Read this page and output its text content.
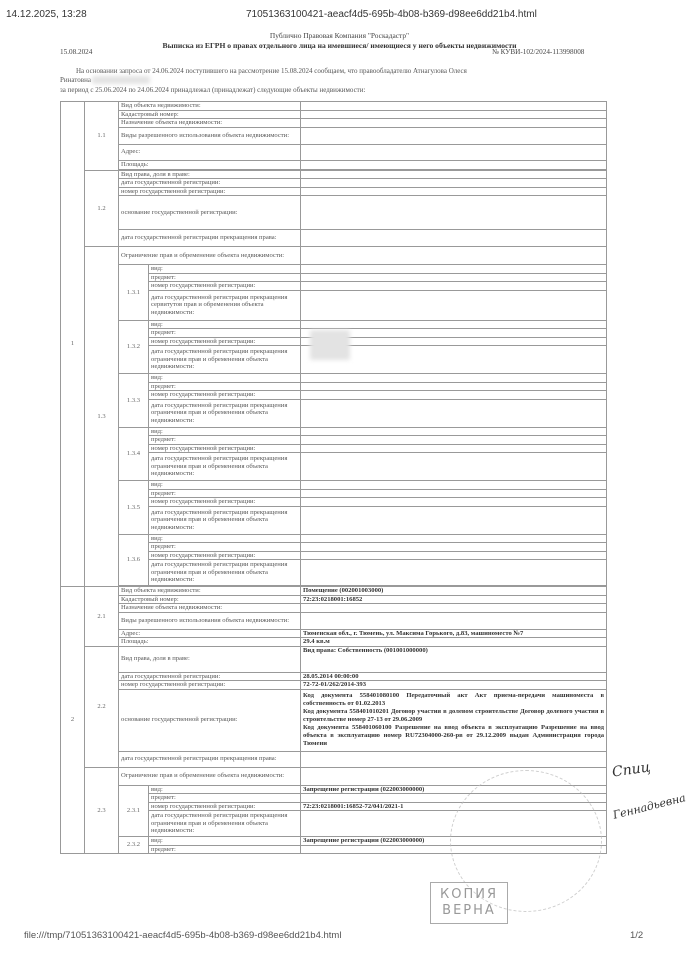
14.12.2025, 13:28	71051363100421-aeacf4d5-695b-4b08-b369-d98ee6dd21b4.html
Публично Правовая Компания "Роскадастр"
Выписка из ЕГРН о правах отдельного лица на имевшиеся/ имеющиеся у него объекты недвижимости
15.08.2024	№ КУВИ-102/2024-113998008
На основании запроса от 24.06.2024 поступившего на рассмотрение 15.08.2024 сообщаем, что правообладателю Атнагулова Олеся
Ринатовна
за период с 25.06.2024 по 24.06.2024 принадлежал (принадлежат) следующие объекты недвижимости:
1	1.1	Вид объекта недвижимости:		
		Кадастровый номер:		
		Назначение объекта недвижимости:		
		Виды разрешенного использования объекта недвижимости:		
		Адрес:		
		Площадь:		

	1.2	Вид права, доля в праве:		
		дата государственной регистрации:		
		номер государственной регистрации:		
		основание государственной регистрации:		
		дата государственной регистрации прекращения права:		
	1.3	Ограничение прав и обременение объекта недвижимости:		
		1.3.1	вид:	
			предмет:	
			номер государственной регистрации:	
			дата государственной регистрации прекращения сервитутов прав и обременения объекта недвижимости:	
		1.3.2	вид:	
			предмет:	
			номер государственной регистрации:	
			дата государственной регистрации прекращения ограничения прав и обременения объекта недвижимости:	
		1.3.3	вид:	
			предмет:	
			номер государственной регистрации:	
			дата государственной регистрации прекращения ограничения прав и обременения объекта недвижимости:	
		1.3.4	вид:	
			предмет:	
			номер государственной регистрации:	
			дата государственной регистрации прекращения ограничения прав и обременения объекта недвижимости:	
		1.3.5	вид:	
			предмет:	
			номер государственной регистрации:	
			дата государственной регистрации прекращения ограничения прав и обременения объекта недвижимости:	
		1.3.6	вид:	
			предмет:	
			номер государственной регистрации:	
			дата государственной регистрации прекращения ограничения прав и обременения объекта недвижимости:	

2	2.1	Вид объекта недвижимости:		Помещение (002001003000)
		Кадастровый номер:		72:23:0218001:16852
		Назначение объекта недвижимости:		
		Виды разрешенного использования объекта недвижимости:		
		Адрес:		Тюменская обл., г. Тюмень, ул. Максима Горького, д.83, машиноместо №7
		Площадь:		29.4 кв.м
	2.2	Вид права, доля в праве:		Вид права: Собственность (001001000000)
		дата государственной регистрации:		28.05.2014 00:00:00
		номер государственной регистрации:		72-72-01/262/2014-393
		основание государственной регистрации:		Код документа 558401080100 Передаточный акт Акт приема-передачи машиноместа в собственность от 01.02.2013
Код документа 558401010201 Договор участия в долевом строительстве Договор долевого участия в строительстве номер 27-13 от 29.06.2009
Код документа 558401060100 Разрешение на ввод объекта в эксплуатацию Разрешение на ввод объекта в эксплуатацию номер RU72304000-260-рв от 29.12.2009 выдан Администрация города Тюмени

		дата государственной регистрации прекращения права:		
	2.3	Ограничение прав и обременение объекта недвижимости:		
		2.3.1	вид:	Запрещение регистрации (022003000000)
			предмет:	
			номер государственной регистрации:	72:23:0218001:16852-72/041/2021-1
			дата государственной регистрации прекращения ограничения прав и обременения объекта недвижимости:	
		2.3.2	вид:	Запрещение регистрации (022003000000)
			предмет:	
КОПИЯ
ВЕРНА
Спиц
Геннадьевна
file:///tmp/71051363100421-aeacf4d5-695b-4b08-b369-d98ee6dd21b4.html	1/2
